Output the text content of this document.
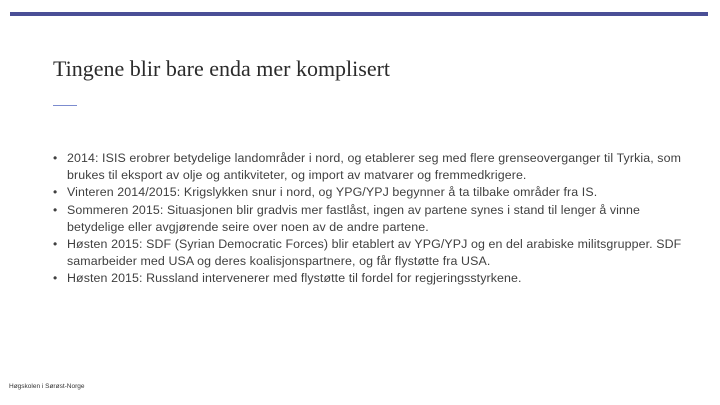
Tingene blir bare enda mer komplisert
• 2014: ISIS erobrer betydelige landområder i nord, og etablerer seg med flere grenseoverganger til Tyrkia, som brukes til eksport av olje og antikviteter, og import av matvarer og fremmedkrigere.
• Vinteren 2014/2015: Krigslykken snur i nord, og YPG/YPJ begynner å ta tilbake områder fra IS.
• Sommeren 2015: Situasjonen blir gradvis mer fastlåst, ingen av partene synes i stand til lenger å vinne betydelige eller avgjørende seire over noen av de andre partene.
• Høsten 2015: SDF (Syrian Democratic Forces) blir etablert av YPG/YPJ og en del arabiske militsgrupper. SDF samarbeider med USA og deres koalisjonspartnere, og får flystøtte fra USA.
• Høsten 2015: Russland intervenerer med flystøtte til fordel for regjeringsstyrkene.
Høgskolen i Sørøst-Norge
